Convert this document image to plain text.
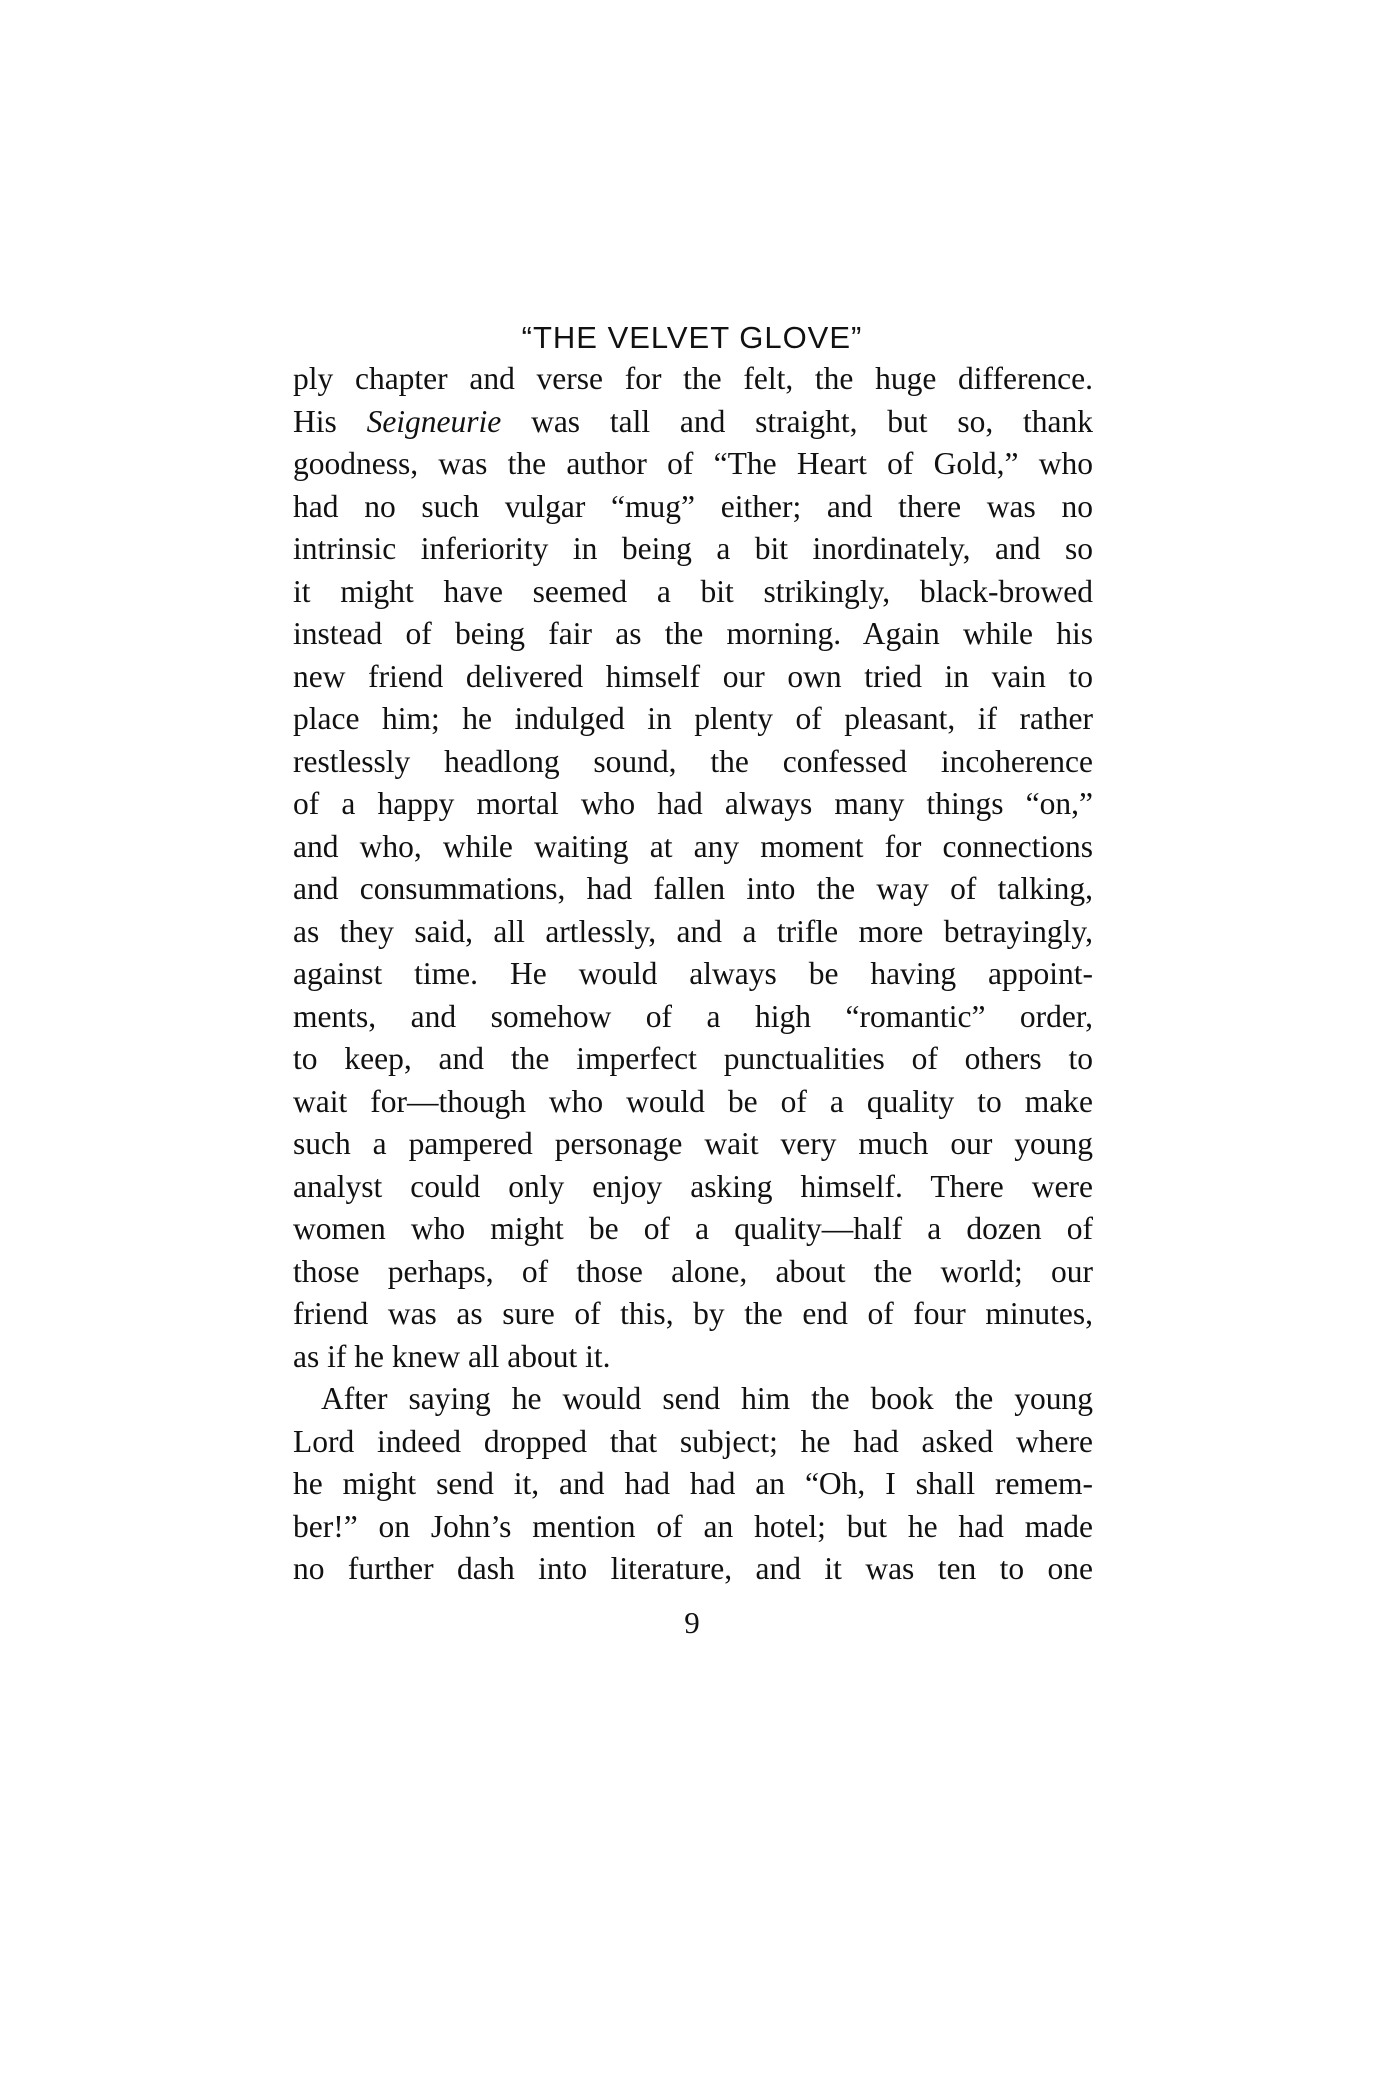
“THE VELVET GLOVE”
ply chapter and verse for the felt, the huge difference.
His Seigneurie was tall and straight, but so, thank
goodness, was the author of “The Heart of Gold,” who
had no such vulgar “mug” either; and there was no
intrinsic inferiority in being a bit inordinately, and so
it might have seemed a bit strikingly, black-browed
instead of being fair as the morning. Again while his
new friend delivered himself our own tried in vain to
place him; he indulged in plenty of pleasant, if rather
restlessly headlong sound, the confessed incoherence
of a happy mortal who had always many things “on,”
and who, while waiting at any moment for connections
and consummations, had fallen into the way of talking,
as they said, all artlessly, and a trifle more betrayingly,
against time. He would always be having appoint-
ments, and somehow of a high “romantic” order,
to keep, and the imperfect punctualities of others to
wait for—though who would be of a quality to make
such a pampered personage wait very much our young
analyst could only enjoy asking himself. There were
women who might be of a quality—half a dozen of
those perhaps, of those alone, about the world; our
friend was as sure of this, by the end of four minutes,
as if he knew all about it.
After saying he would send him the book the young
Lord indeed dropped that subject; he had asked where
he might send it, and had had an “Oh, I shall remem-
ber!” on John’s mention of an hotel; but he had made
no further dash into literature, and it was ten to one
9
